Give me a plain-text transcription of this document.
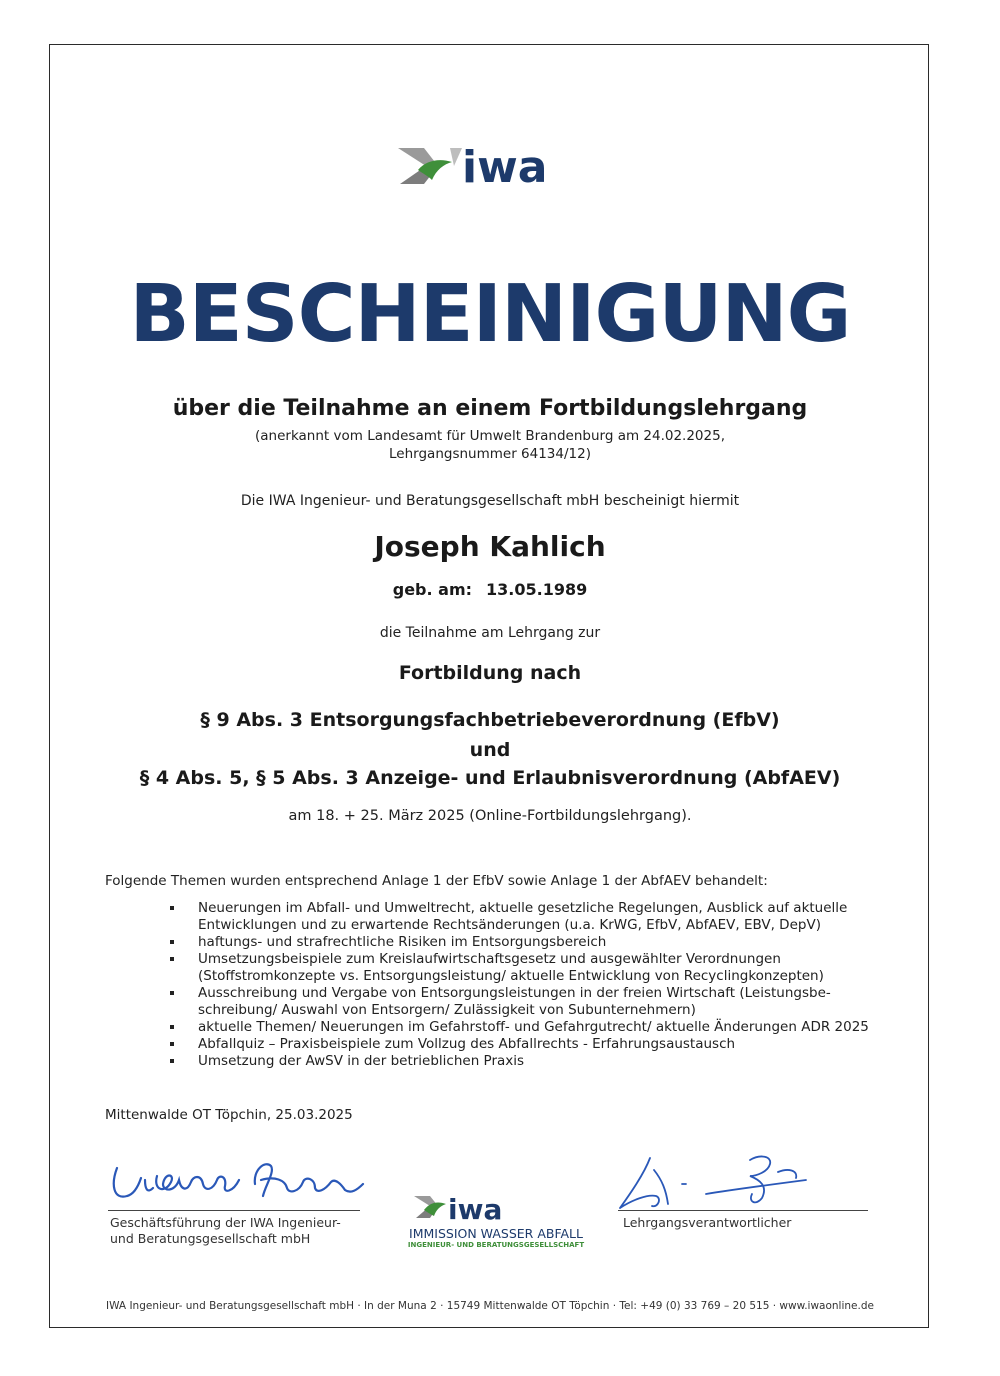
iwa
BESCHEINIGUNG
über die Teilnahme an einem Fortbildungslehrgang
(anerkannt vom Landesamt für Umwelt Brandenburg am 24.02.2025,
Lehrgangsnummer 64134/12)
Die IWA Ingenieur- und Beratungsgesellschaft mbH bescheinigt hiermit
Joseph Kahlich
geb. am: 13.05.1989
die Teilnahme am Lehrgang zur
Fortbildung nach
§ 9 Abs. 3 Entsorgungsfachbetriebeverordnung (EfbV)
und
§ 4 Abs. 5, § 5 Abs. 3 Anzeige- und Erlaubnisverordnung (AbfAEV)
am 18. + 25. März 2025 (Online-Fortbildungslehrgang).
Folgende Themen wurden entsprechend Anlage 1 der EfbV sowie Anlage 1 der AbfAEV behandelt:
Neuerungen im Abfall- und Umweltrecht, aktuelle gesetzliche Regelungen, Ausblick auf aktuelle
Entwicklungen und zu erwartende Rechtsänderungen (u.a. KrWG, EfbV, AbfAEV, EBV, DepV)
haftungs- und strafrechtliche Risiken im Entsorgungsbereich
Umsetzungsbeispiele zum Kreislaufwirtschaftsgesetz und ausgewählter Verordnungen
(Stoffstromkonzepte vs. Entsorgungsleistung/ aktuelle Entwicklung von Recyclingkonzepten)
Ausschreibung und Vergabe von Entsorgungsleistungen in der freien Wirtschaft (Leistungsbe-
schreibung/ Auswahl von Entsorgern/ Zulässigkeit von Subunternehmern)
aktuelle Themen/ Neuerungen im Gefahrstoff- und Gefahrgutrecht/ aktuelle Änderungen ADR 2025
Abfallquiz – Praxisbeispiele zum Vollzug des Abfallrechts - Erfahrungsaustausch
Umsetzung der AwSV in der betrieblichen Praxis
Mittenwalde OT Töpchin, 25.03.2025
Geschäftsführung der IWA Ingenieur-
und Beratungsgesellschaft mbH
iwa
IMMISSION WASSER ABFALL
INGENIEUR- UND BERATUNGSGESELLSCHAFT
Lehrgangsverantwortlicher
IWA Ingenieur- und Beratungsgesellschaft mbH · In der Muna 2 · 15749 Mittenwalde OT Töpchin · Tel: +49 (0) 33 769 – 20 515 · www.iwaonline.de
